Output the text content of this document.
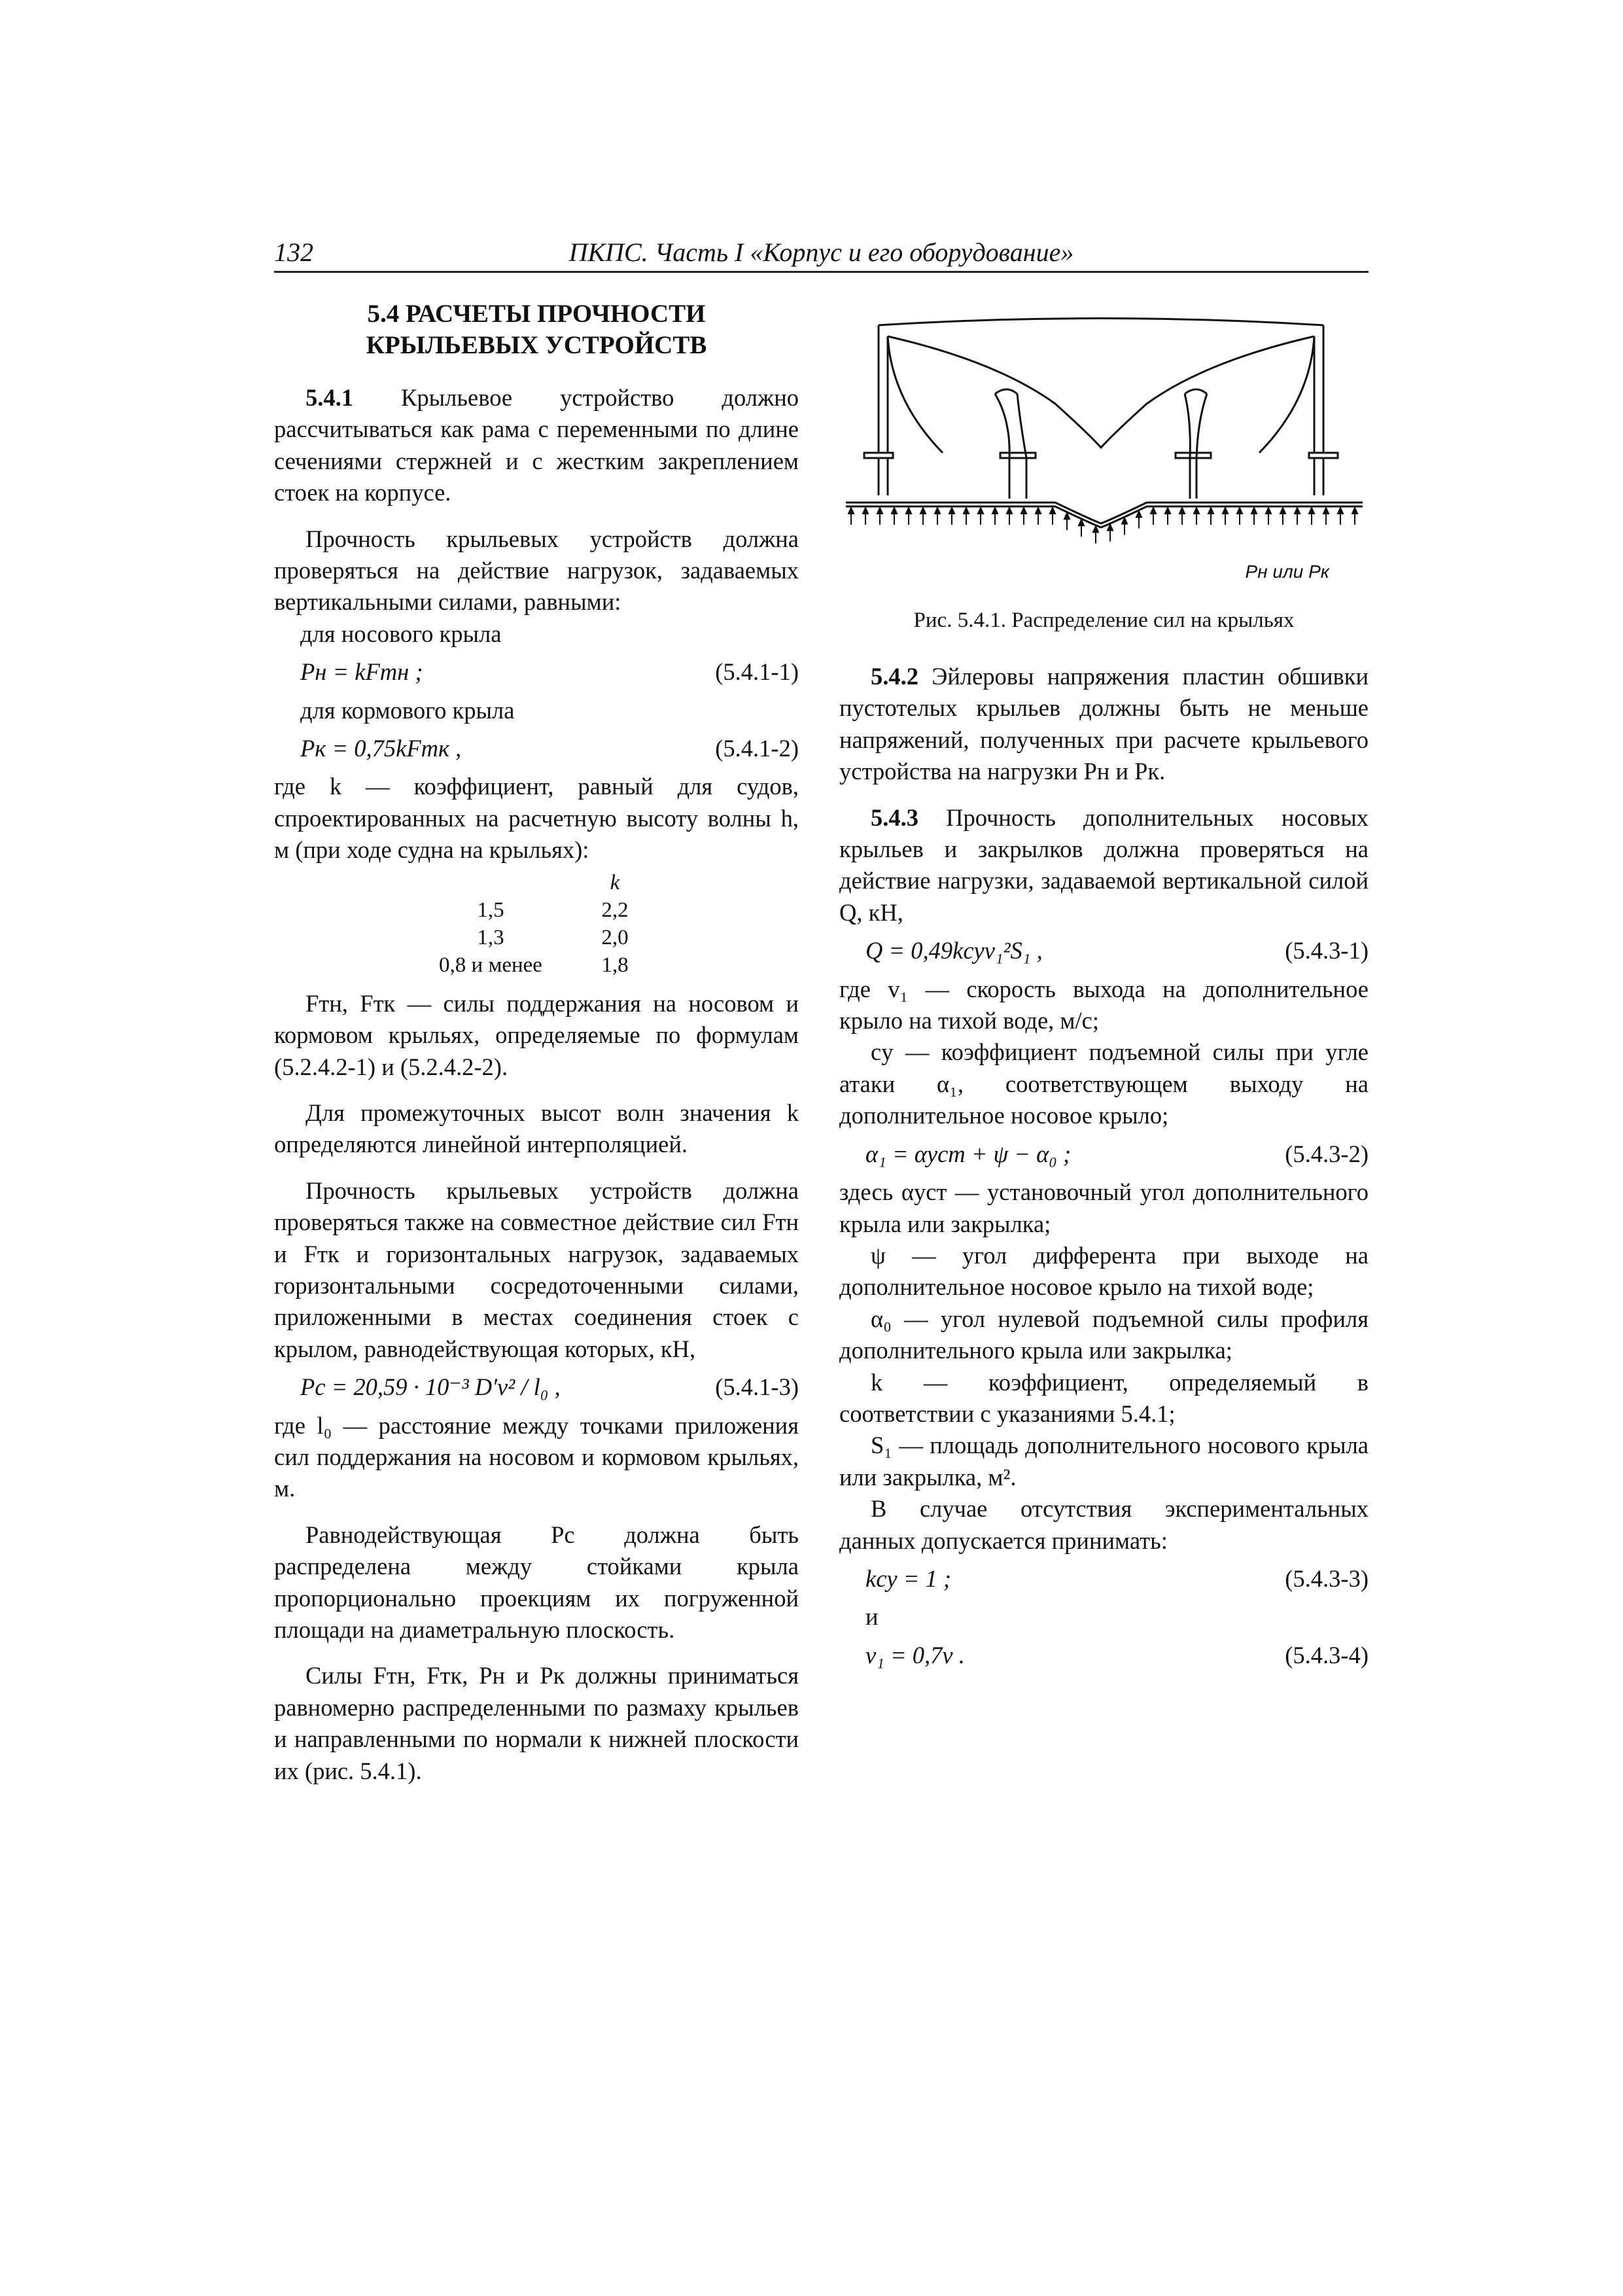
132	ПКПС. Часть I «Корпус и его оборудование»
5.4 РАСЧЕТЫ ПРОЧНОСТИ
КРЫЛЬЕВЫХ УСТРОЙСТВ

5.4.1 Крыльевое устройство должно рассчитываться как рама с переменными по длине сечениями стержней и с жестким закреплением стоек на корпусе.

Прочность крыльевых устройств должна проверяться на действие нагрузок, задаваемых вертикальными силами, равными:

для носового крыла

Pн = kFтн ;	(5.4.1-1)

для кормового крыла

Pк = 0,75kFтк ,	(5.4.1-2)

где k — коэффициент, равный для судов, спроектированных на расчетную высоту волны h, м (при ходе судна на крыльях):

	k
1,5	2,2
1,3	2,0
0,8 и менее	1,8

Fтн, Fтк — силы поддержания на носовом и кормовом крыльях, определяемые по формулам (5.2.4.2-1) и (5.2.4.2-2).

Для промежуточных высот волн значения k определяются линейной интерполяцией.

Прочность крыльевых устройств должна проверяться также на совместное действие сил Fтн и Fтк и горизонтальных нагрузок, задаваемых горизонтальными сосредоточенными силами, приложенными в местах соединения стоек с крылом, равнодействующая которых, кН,

Pс = 20,59 · 10⁻³ D′v² / l₀ ,	(5.4.1-3)

где l₀ — расстояние между точками приложения сил поддержания на носовом и кормовом крыльях, м.

Равнодействующая Pс должна быть распределена между стойками крыла пропорционально проекциям их погруженной площади на диаметральную плоскость.

Силы Fтн, Fтк, Pн и Pк должны приниматься равномерно распределенными по размаху крыльев и направленными по нормали к нижней плоскости их (рис. 5.4.1).

Pн или Pк
Рис. 5.4.1. Распределение сил на крыльях

5.4.2 Эйлеровы напряжения пластин обшивки пустотелых крыльев должны быть не меньше напряжений, полученных при расчете крыльевого устройства на нагрузки Pн и Pк.

5.4.3 Прочность дополнительных носовых крыльев и закрылков должна проверяться на действие нагрузки, задаваемой вертикальной силой Q, кН,

Q = 0,49kcyv₁²S₁ ,	(5.4.3-1)

где v₁ — скорость выхода на дополнительное крыло на тихой воде, м/с;

cy — коэффициент подъемной силы при угле атаки α₁, соответствующем выходу на дополнительное носовое крыло;

α₁ = αуст + ψ − α₀ ;	(5.4.3-2)

здесь αуст — установочный угол дополнительного крыла или закрылка;

ψ — угол дифферента при выходе на дополнительное носовое крыло на тихой воде;

α₀ — угол нулевой подъемной силы профиля дополнительного крыла или закрылка;

k — коэффициент, определяемый в соответствии с указаниями 5.4.1;

S₁ — площадь дополнительного носового крыла или закрылка, м².

В случае отсутствия экспериментальных данных допускается принимать:

kcy = 1 ;	(5.4.3-3)

и

v₁ = 0,7v .	(5.4.3-4)
